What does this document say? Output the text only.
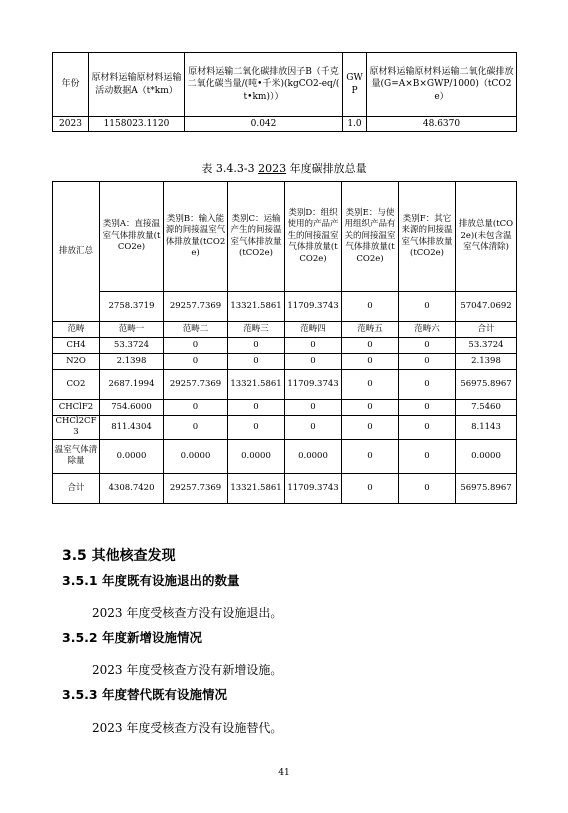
年份	原材料运输原材料运输活动数据A（t*km）	原材料运输二氧化碳排放因子B（千克二氧化碳当量/(吨•千米)(kgCO2-eq/( t•km)））	GWP	原材料运输原材料运输二氧化碳排放量(G=A×B×GWP/1000)（tCO2e）
2023	1158023.1120	0.042	1.0	48.6370
表 3.4.3-3 2023 年度碳排放总量
排放汇总	类别A：直接温室气体排放量(tCO2e)	类别B：输入能源的间接温室气体排放量(tCO2e)	类别C：运输产生的间接温室气体排放量(tCO2e)	类别D：组织使用的产品产生的间接温室气体排放量(tCO2e)	类别E：与使用组织产品有关的间接温室气体排放量(tCO2e)	类别F：其它来源的间接温室气体排放量(tCO2e)	排放总量(tCO2e)(未包含温室气体清除)
	2758.3719	29257.7369	13321.5861	11709.3743	0	0	57047.0692
范畴	范畴一	范畴二	范畴三	范畴四	范畴五	范畴六	合计
CH4	53.3724	0	0	0	0	0	53.3724
N2O	2.1398	0	0	0	0	0	2.1398
CO2	2687.1994	29257.7369	13321.5861	11709.3743	0	0	56975.8967
CHClF2	754.6000	0	0	0	0	0	7.5460
CHCl2CF3	811.4304	0	0	0	0	0	8.1143
温室气体清除量	0.0000	0.0000	0.0000	0.0000	0	0	0.0000
合计	4308.7420	29257.7369	13321.5861	11709.3743	0	0	56975.8967
3.5 其他核查发现
3.5.1 年度既有设施退出的数量
2023 年度受核查方没有设施退出。
3.5.2 年度新增设施情况
2023 年度受核查方没有新增设施。
3.5.3 年度替代既有设施情况
2023 年度受核查方没有设施替代。
41
